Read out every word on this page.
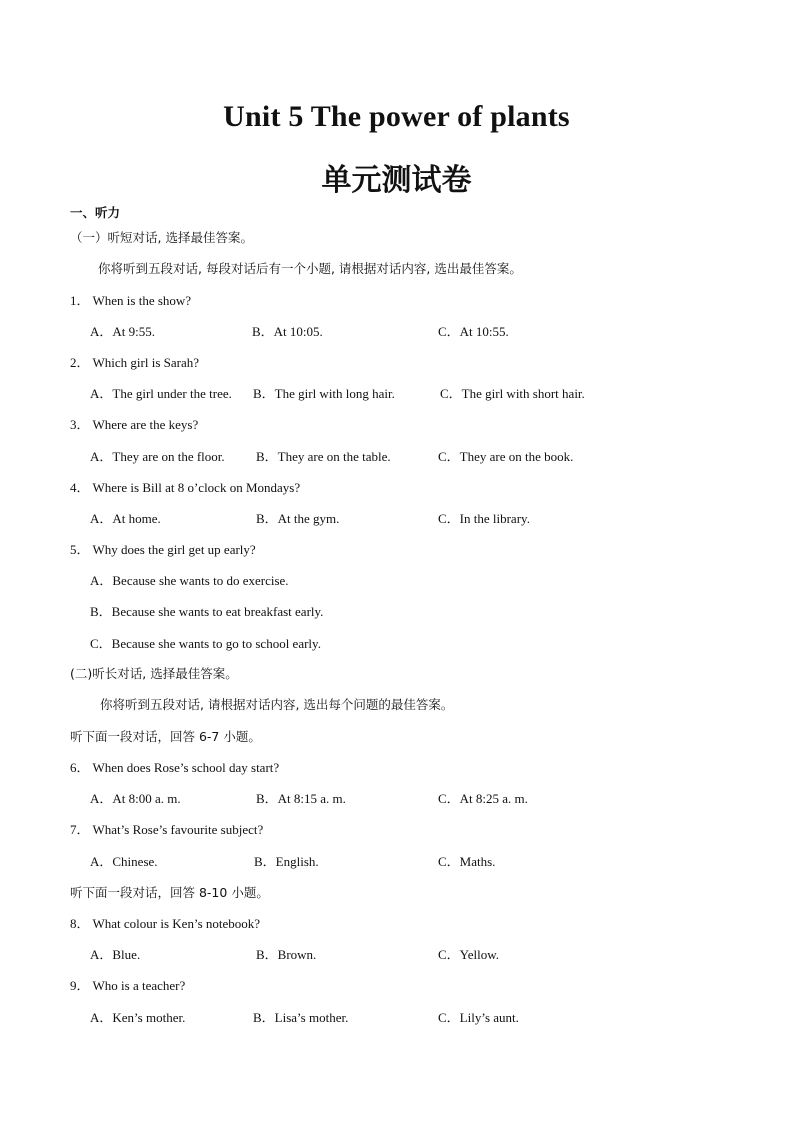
Unit 5 The power of plants
单元测试卷
一、听力
（一）听短对话, 选择最佳答案。
你将听到五段对话, 每段对话后有一个小题, 请根据对话内容, 选出最佳答案。
1． When is the show?
A．At 9:55.	B．At 10:05.	C．At 10:55.
2． Which girl is Sarah?
A．The girl under the tree. B．The girl with long hair.	C．The girl with short hair.
3． Where are the keys?
A．They are on the floor. B．They are on the table.	C．They are on the book.
4． Where is Bill at 8 o’clock on Mondays?
A．At home.	B．At the gym.	C．In the library.
5． Why does the girl get up early?
A．Because she wants to do exercise.
B．Because she wants to eat breakfast early.
C．Because she wants to go to school early.
(二)听长对话, 选择最佳答案。
你将听到五段对话, 请根据对话内容, 选出每个问题的最佳答案。
听下面一段对话，回答 6-7 小题。
6． When does Rose’s school day start?
A．At 8:00 a. m.	B．At 8:15 a. m.	C．At 8:25 a. m.
7． What’s Rose’s favourite subject?
A．Chinese.	B．English.	C．Maths.
听下面一段对话，回答 8-10 小题。
8． What colour is Ken’s notebook?
A．Blue.	B．Brown.	C．Yellow.
9． Who is a teacher?
A．Ken’s mother.	B．Lisa’s mother.	C．Lily’s aunt.
